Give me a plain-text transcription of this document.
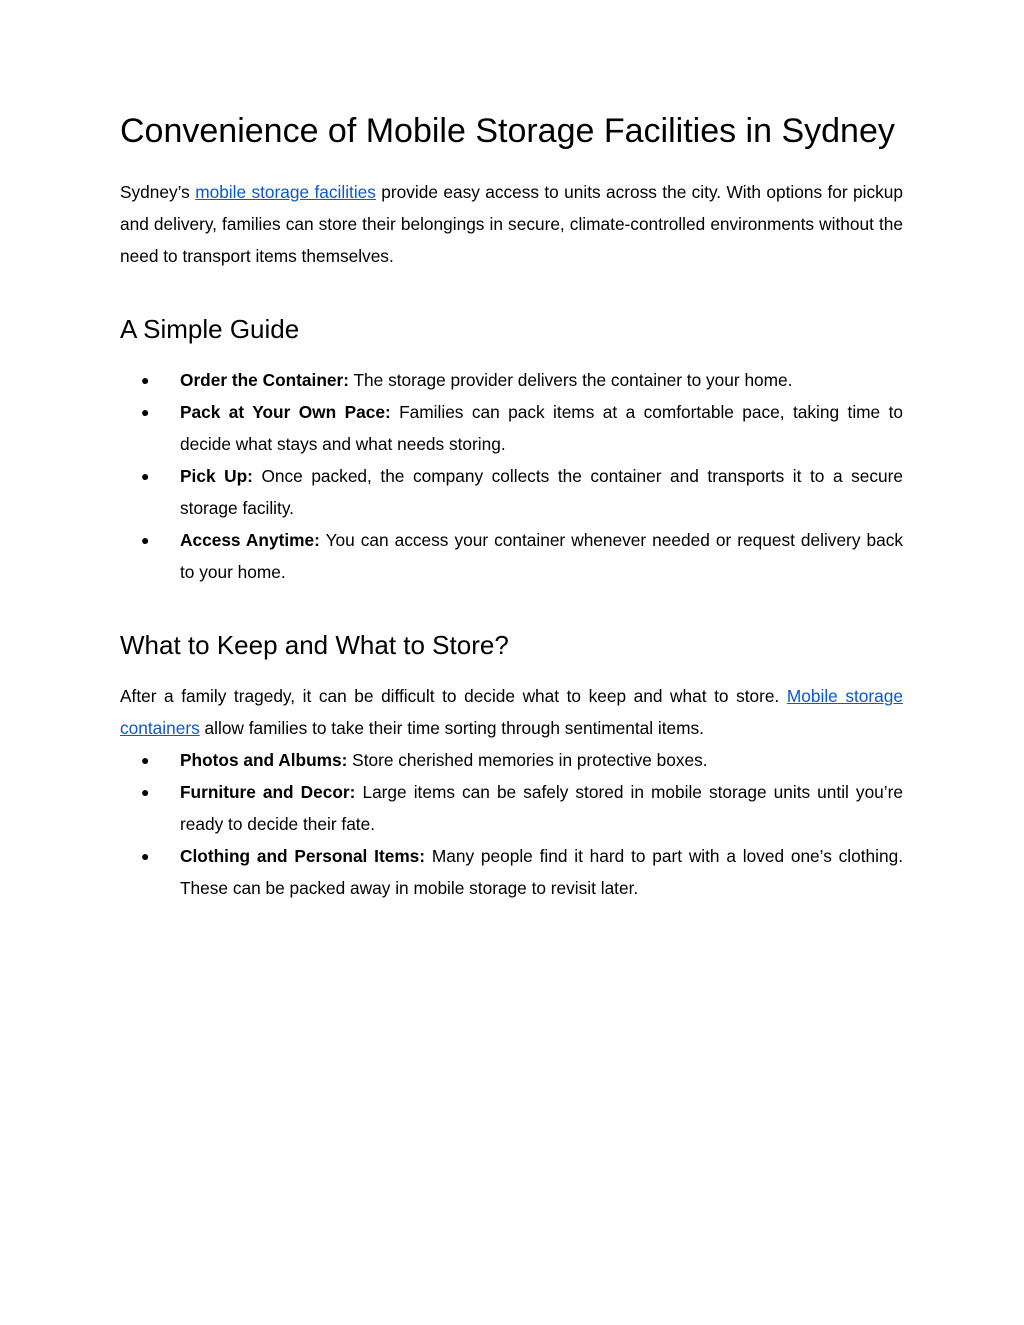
Convenience of Mobile Storage Facilities in Sydney

Sydney’s mobile storage facilities provide easy access to units across the city. With options for pickup and delivery, families can store their belongings in secure, climate-controlled environments without the need to transport items themselves.

A Simple Guide
● Order the Container: The storage provider delivers the container to your home.
● Pack at Your Own Pace: Families can pack items at a comfortable pace, taking time to decide what stays and what needs storing.
● Pick Up: Once packed, the company collects the container and transports it to a secure storage facility.
● Access Anytime: You can access your container whenever needed or request delivery back to your home.
What to Keep and What to Store?

After a family tragedy, it can be difficult to decide what to keep and what to store. Mobile storage containers allow families to take their time sorting through sentimental items.

● Photos and Albums: Store cherished memories in protective boxes.
● Furniture and Decor: Large items can be safely stored in mobile storage units until you’re ready to decide their fate.
● Clothing and Personal Items: Many people find it hard to part with a loved one’s clothing. These can be packed away in mobile storage to revisit later.
